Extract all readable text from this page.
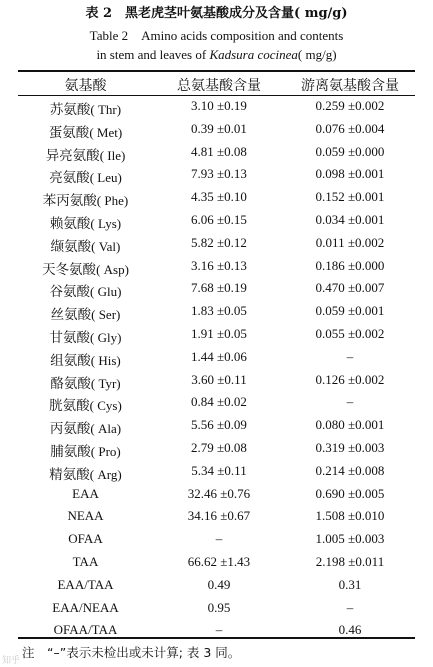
表 2　黑老虎茎叶氨基酸成分及含量( mg/g)
Table 2　Amino acids composition and contents
in stem and leaves of Kadsura cocinea( mg/g)
氨基酸	总氨基酸含量	游离氨基酸含量
苏氨酸( Thr)	3.10 ±0.19	0.259 ±0.002
蛋氨酸( Met)	0.39 ±0.01	0.076 ±0.004
异亮氨酸( Ile)	4.81 ±0.08	0.059 ±0.000
亮氨酸( Leu)	7.93 ±0.13	0.098 ±0.001
苯丙氨酸( Phe)	4.35 ±0.10	0.152 ±0.001
赖氨酸( Lys)	6.06 ±0.15	0.034 ±0.001
缬氨酸( Val)	5.82 ±0.12	0.011 ±0.002
天冬氨酸( Asp)	3.16 ±0.13	0.186 ±0.000
谷氨酸( Glu)	7.68 ±0.19	0.470 ±0.007
丝氨酸( Ser)	1.83 ±0.05	0.059 ±0.001
甘氨酸( Gly)	1.91 ±0.05	0.055 ±0.002
组氨酸( His)	1.44 ±0.06	–
酪氨酸( Tyr)	3.60 ±0.11	0.126 ±0.002
胱氨酸( Cys)	0.84 ±0.02	–
丙氨酸( Ala)	5.56 ±0.09	0.080 ±0.001
脯氨酸( Pro)	2.79 ±0.08	0.319 ±0.003
精氨酸( Arg)	5.34 ±0.11	0.214 ±0.008
EAA	32.46 ±0.76	0.690 ±0.005
NEAA	34.16 ±0.67	1.508 ±0.010
OFAA	–	1.005 ±0.003
TAA	66.62 ±1.43	2.198 ±0.011
EAA/TAA	0.49	0.31
EAA/NEAA	0.95	–
OFAA/TAA	–	0.46
注　“–”表示未检出或未计算; 表 3 同。
知乎
